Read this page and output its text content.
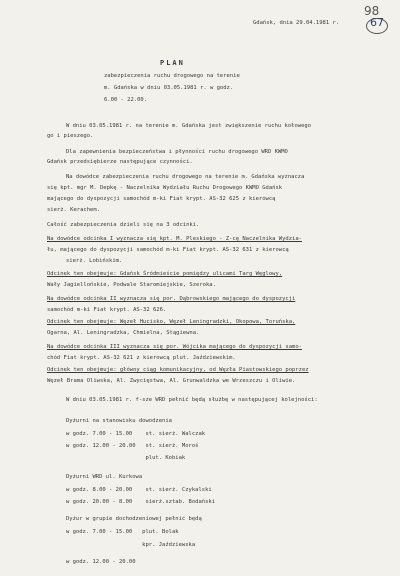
98
67
Gdańsk, dnia 29.04.1981 r.
PLAN
zabezpieczenia ruchu drogowego na terenie
m. Gdańska w dniu 03.05.1981 r. w godz.
6.00 - 22.00.
W dniu 03.05.1981 r. na terenie m. Gdańska jest zwiększenie ruchu kołowego
go i pieszego.
Dla zapewnienia bezpieczeństwa i płynności ruchu drogowego WRD KWMO
Gdańsk przedsiębierze następujące czynności.
Na dowódce zabezpieczenia ruchu drogowego na terenie m. Gdańska wyznacza
się kpt. mgr M. Depkę - Naczelnika Wydziału Ruchu Drogowego KWMO Gdańsk
mającego do dyspozycji samochód m-ki Fiat krypt. AS-32 625 z kierowcą
sierż. Kerachem.
Całość zabezpieczenia dzieli się na 3 odcinki.
Na dowódce odcinka I wyznacza się kpt. M. Pleskiego - Z-cę Naczelnika Wydzia-
łu, mającego do dyspozycji samochód m-ki Fiat krypt. AS-32 631 z kierowcą
sierż. Lobińskim.
Odcinek ten obejmuje: Gdańsk Śródmieście pomiędzy ulicami Targ Węglowy,
Wały Jagiellońskie, Podwale Staromiejskie, Szeroka.
Na dowódce odcinka II wyznacza się por. Dąbrowskiego mającego do dyspozycji
samochód m-ki Fiat krypt. AS-32 626.
Odcinek ten obejmuje: Węzeł Hucisko, Węzeł Leningradzki, Okopowa, Toruńska,
Ogarna, Al. Leningradzka, Chmielna, Stągiewna.
Na dowódce odcinka III wyznacza się por. Wójcika mającego do dyspozycji samo-
chód Fiat krypt. AS-32 621 z kierowcą plut. Jaździewskim.
Odcinek ten obejmuje: główny ciąg komunikacyjny, od Węzła Piastowskiego poprzez
Węzeł Brama Oliwska, Al. Zwycięstwa, Al. Grunwaldzka we Wrzeszczu i Oliwie.
W dniu 03.05.1981 r. f-sze WRD pełnić będą służbę w następującej kolejności:
Dyżurni na stanowisku dowodzenia
w godz. 7.00 - 15.00    st. sierż. Walczak
w godz. 12.00 - 20.00   st. sierż. Moroś
plut. Kobiak
Dyżurni WRD ul. Kurkowa
w godz. 8.00 - 20.00    st. sierż. Czykalski
w godz. 20.00 - 8.00    sierż.sztab. Bodański
Dyżur w grupie dochodzeniowej pełnić będą
w godz. 7.00 - 15.00   plut. Bolak
kpr. Jaździewska
w godz. 12.00 - 20.00
